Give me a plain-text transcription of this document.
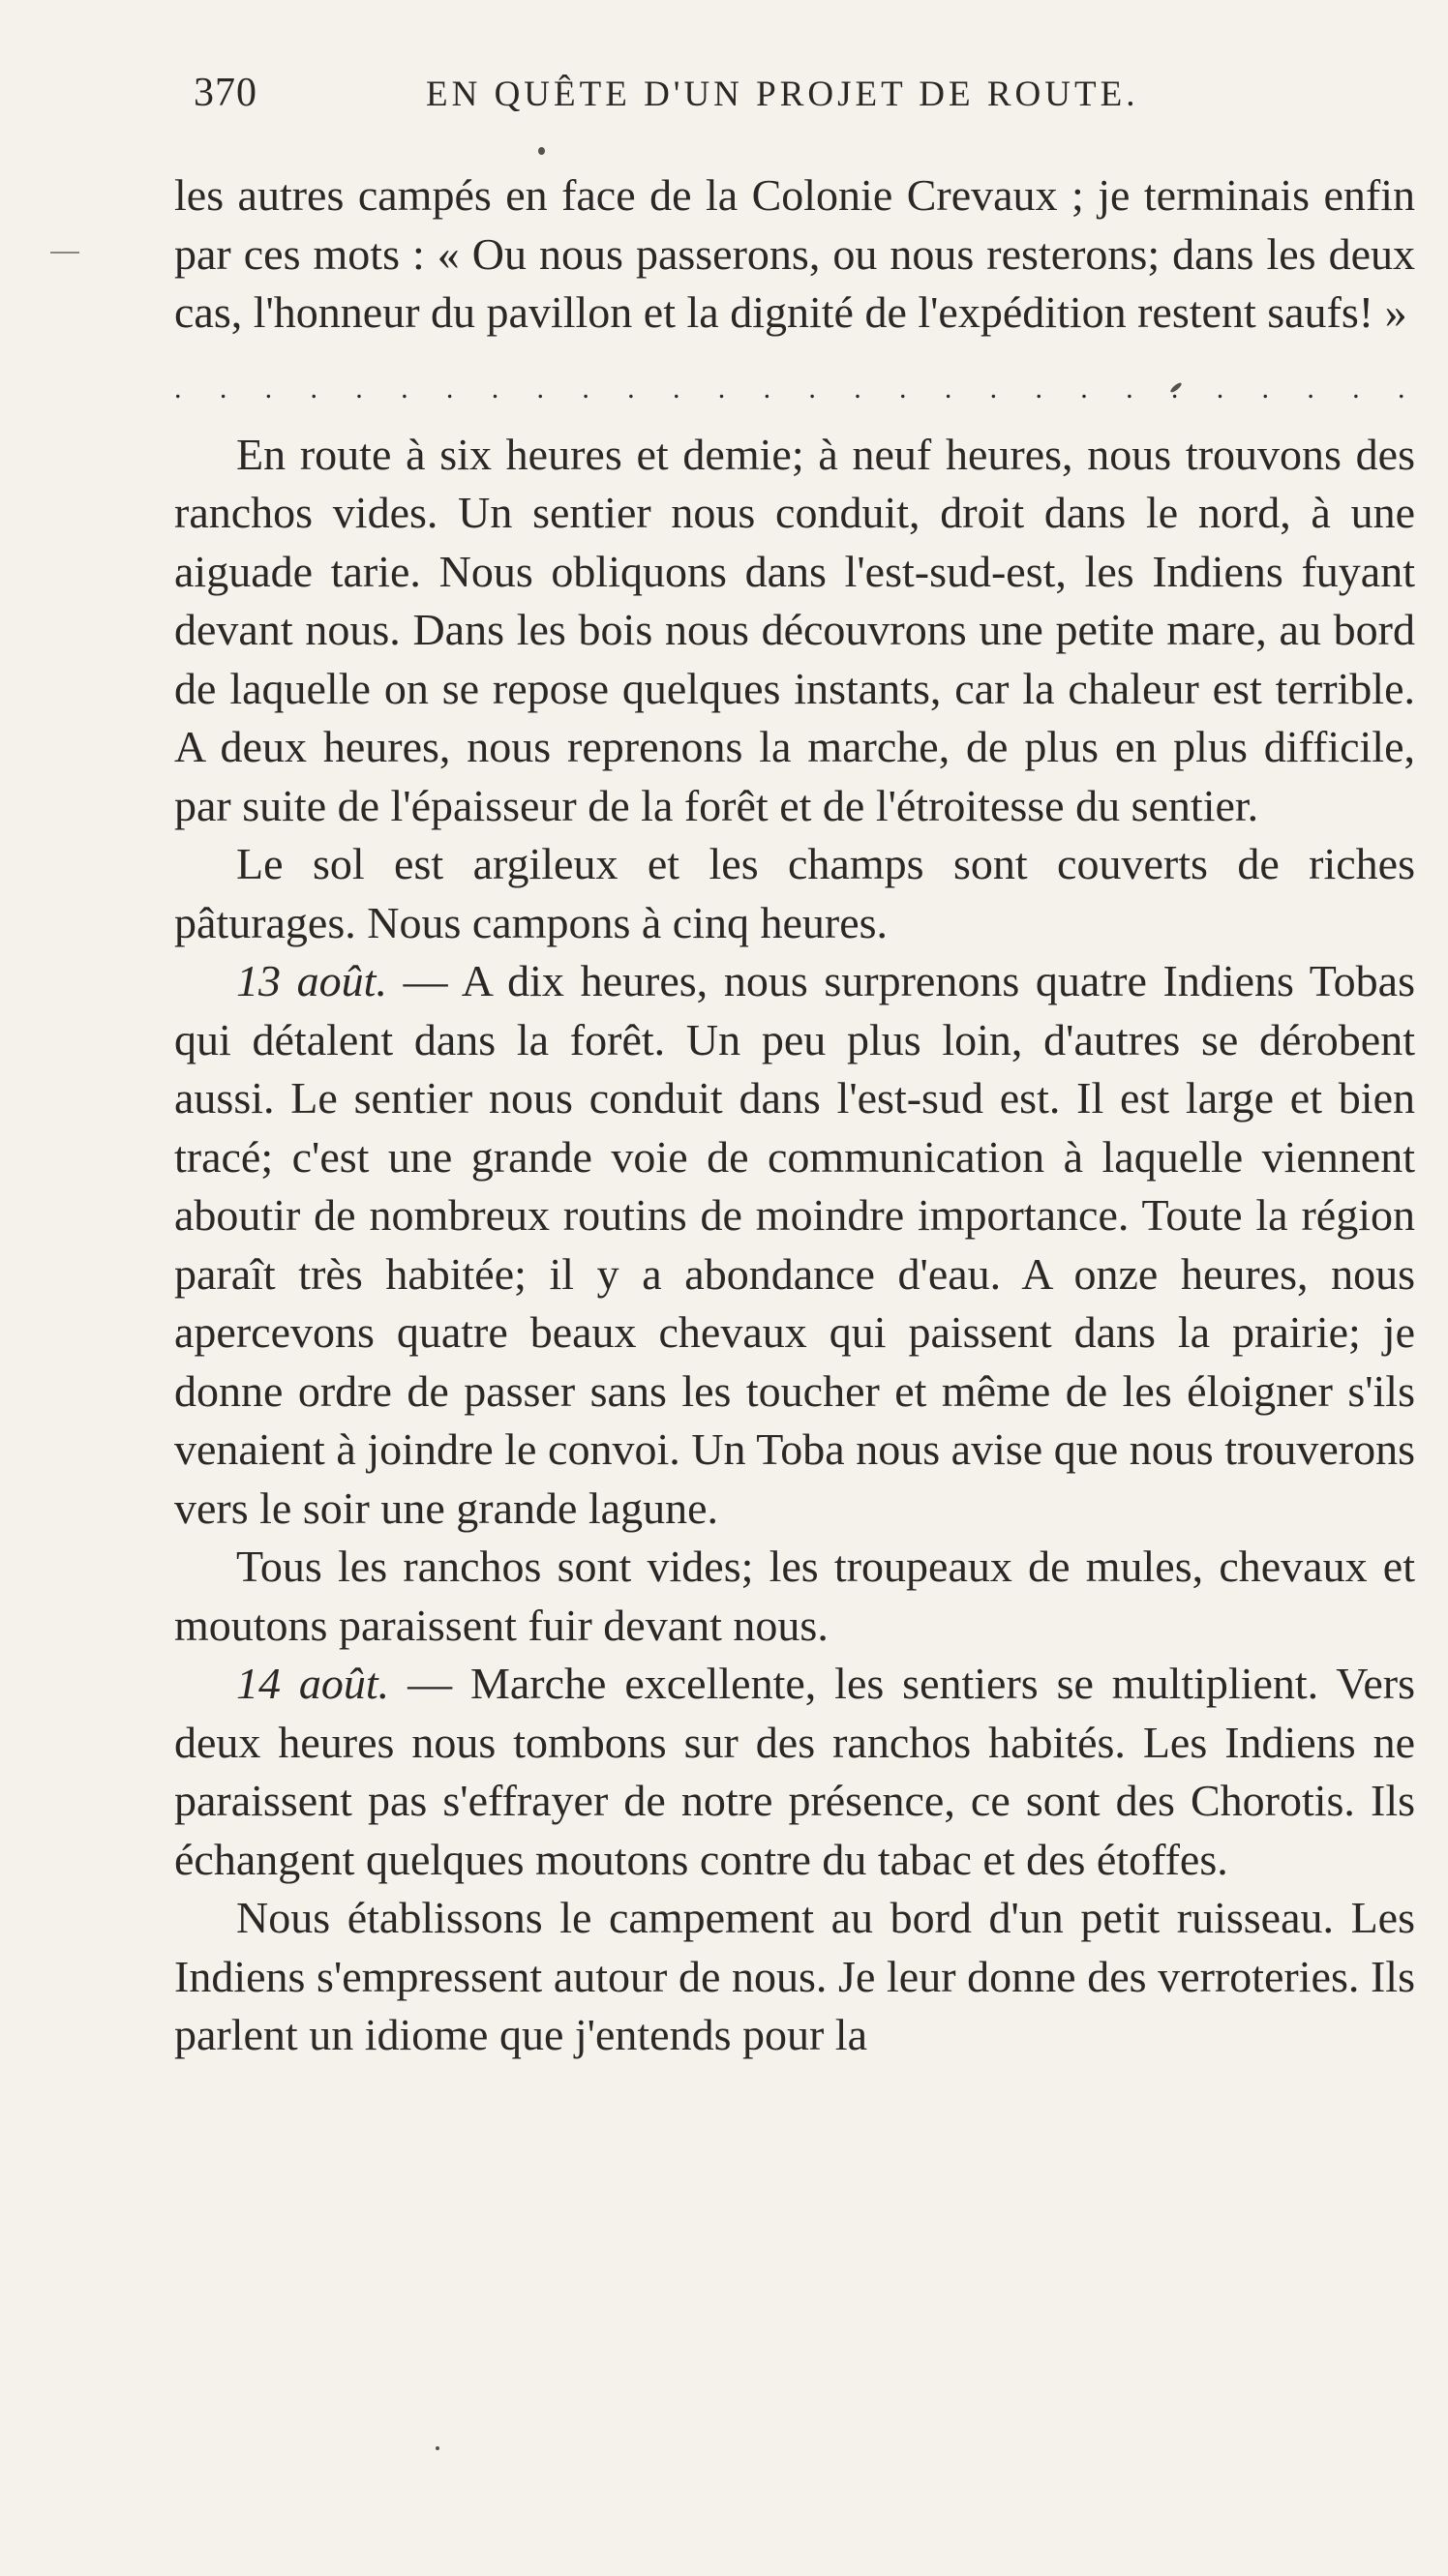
370	EN QUÊTE D'UN PROJET DE ROUTE.

les autres campés en face de la Colonie Crevaux ; je terminais enfin par ces mots : « Ou nous passerons, ou nous resterons; dans les deux cas, l'honneur du pavillon et la dignité de l'expédition restent saufs! »

. . . . . . . . . . . . . . . . . . . . . . . . . . . .

En route à six heures et demie; à neuf heures, nous trouvons des ranchos vides. Un sentier nous conduit, droit dans le nord, à une aiguade tarie. Nous obliquons dans l'est-sud-est, les Indiens fuyant devant nous. Dans les bois nous découvrons une petite mare, au bord de laquelle on se repose quelques instants, car la chaleur est terrible. A deux heures, nous reprenons la marche, de plus en plus difficile, par suite de l'épaisseur de la forêt et de l'étroitesse du sentier.

Le sol est argileux et les champs sont couverts de riches pâturages. Nous campons à cinq heures.

13 août. — A dix heures, nous surprenons quatre Indiens Tobas qui détalent dans la forêt. Un peu plus loin, d'autres se dérobent aussi. Le sentier nous conduit dans l'est-sud est. Il est large et bien tracé; c'est une grande voie de communication à laquelle viennent aboutir de nombreux routins de moindre importance. Toute la région paraît très habitée; il y a abondance d'eau. A onze heures, nous apercevons quatre beaux chevaux qui paissent dans la prairie; je donne ordre de passer sans les toucher et même de les éloigner s'ils venaient à joindre le convoi. Un Toba nous avise que nous trouverons vers le soir une grande lagune.

Tous les ranchos sont vides; les troupeaux de mules, chevaux et moutons paraissent fuir devant nous.

14 août. — Marche excellente, les sentiers se multiplient. Vers deux heures nous tombons sur des ranchos habités. Les Indiens ne paraissent pas s'effrayer de notre présence, ce sont des Chorotis. Ils échangent quelques moutons contre du tabac et des étoffes.

Nous établissons le campement au bord d'un petit ruisseau. Les Indiens s'empressent autour de nous. Je leur donne des verroteries. Ils parlent un idiome que j'entends pour la
